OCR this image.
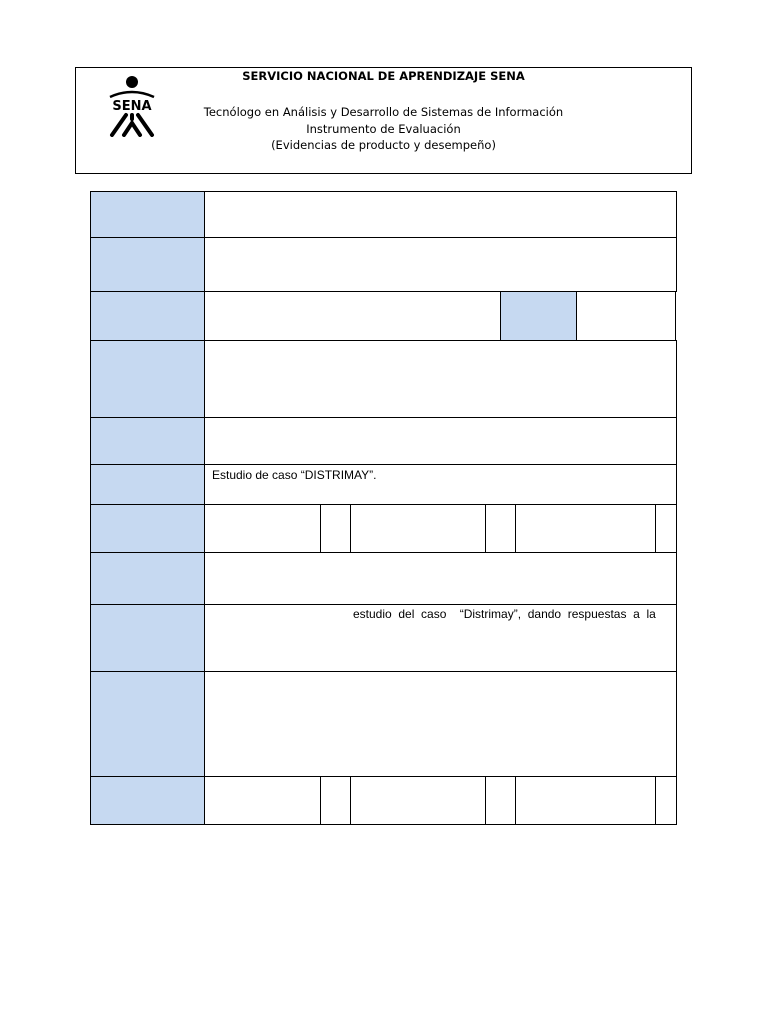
SENA
SERVICIO NACIONAL DE APRENDIZAJE SENA
Tecnólogo en Análisis y Desarrollo de Sistemas de Información
Instrumento de Evaluación
(Evidencias de producto y desempeño)
Estudio de caso “DISTRIMAY”.
estudio  del  caso    “Distrimay”,  dando  respuestas  a  la
